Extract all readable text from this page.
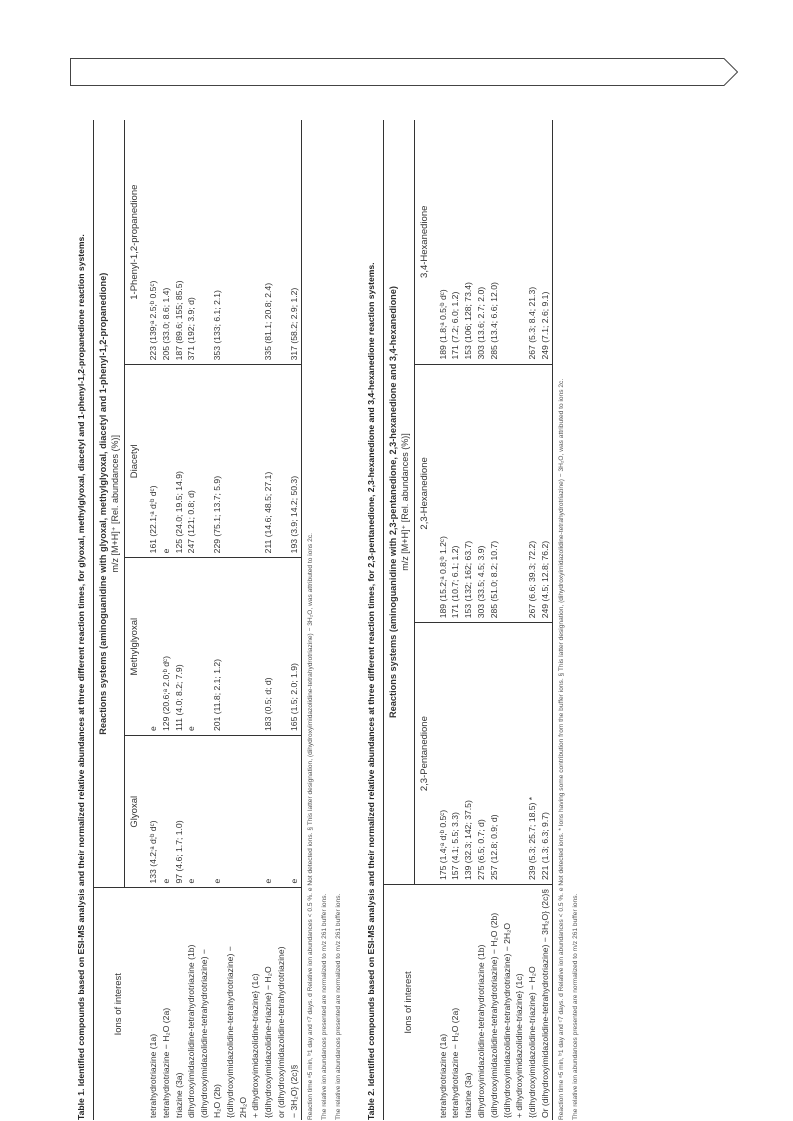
Table 1. Identified compounds based on ESI-MS analysis and their normalized relative abundances at three different reaction times, for glyoxal, methylglyoxal, diacetyl and 1-phenyl-1,2-propanedione reaction systems.	Ions of interest	Reactions systems (aminoguanidine with glyoxal, methylglyoxal, diacetyl and 1-phenyl-1,2-propanedione)			
	m/z [M+H]⁺ [Rel. abundances (%)]			
	Glyoxal	Methylglyoxal	Diacetyl	1-Phenyl-1,2-propanedione

tetrahydrotriazine (1a)	133 (4.2;ᵃ d;ᵇ dᶜ)	e	161 (22.1;ᵃ d;ᵇ dᶜ)	223 (139;ᵃ 2.5;ᵇ 0.5ᶜ)

tetrahydrotriazine − H₂O (2a)	e	129 (20.6;ᵃ 2.0;ᵇ dᶜ)	e	205 (33.0; 8.6; 1.4)

triazine (3a)	97 (4.6; 1.7; 1.0)	111 (4.0; 8.2; 7.9)	125 (24.0; 19.5; 14.9)	187 (89.6; 155; 85.5)

dihydroxyimidazolidine-tetrahydrotriazine (1b)	e	e	247 (121; 0.8; d)	371 (192; 3.9; d)

(dihydroxyimidazolidine-tetrahydrotriazine) − H₂O (2b)	e	201 (11.8; 2.1; 1.2)	229 (75.1; 13.7; 5.9)	353 (133; 6.1; 2.1)

{(dihydroxyimidazolidine-tetrahydrotriazine) − 2H₂O				

+ dihydroxyimidazolidine-triazine} (1c) {(dihydroxyimidazolidine-triazine) − H₂O	e	183 (0.5; d; d)	211 (14.6; 48.5; 27.1)	335 (81.1; 20.8; 2.4)

or (dihydroxyimidazolidine-tetrahydrotriazine) − 3H₂O} (2c)§	e	165 (1.5; 2.0; 1.9)	193 (3.9; 14.2; 50.3)	317 (58.2; 2.9; 1.2)

Reaction time ᵃ5 min, ᵇ1 day and ᶜ7 days. d Relative ion abundances < 0.5 %. e Not detected ions. § This latter designation, (dihydroxyimidazolidine-tetrahydrotriazine) − 3H₂O, was attributed to ions 2c.	The relative ion abundances presented are normalized to m/z 261 buffer ions.	The relative ion abundances presented are normalized to m/z 261 buffer ions.	Table 2. Identified compounds based on ESI-MS analysis and their normalized relative abundances at three different reaction times, for 2,3-pentanedione, 2,3-hexanedione and 3,4-hexanedione reaction systems.	Ions of interest	Reactions systems (aminoguanidine with 2,3-pentanedione, 2,3-hexanedione and 3,4-hexanedione)		
	m/z [M+H]⁺ [Rel. abundances (%)]		
	2,3-Pentanedione	2,3-Hexanedione	3,4-Hexanedione

tetrahydrotriazine (1a)	175 (1.4;ᵃ d;ᵇ 0.5ᶜ)	189 (15.2;ᵃ 0.8;ᵇ 1.2ᶜ)	189 (1.8;ᵃ 0.5;ᵇ dᶜ)

tetrahydrotriazine − H₂O (2a)	157 (4.1; 5.5; 3.3)	171 (10.7; 6.1; 1.2)	171 (7.2; 6.0; 1.2)

triazine (3a)	139 (32.3; 142; 37.5)	153 (132; 162; 63.7)	153 (106; 128; 73.4)

dihydroxyimidazolidine-tetrahydrotriazine (1b)	275 (6.5; 0.7; d)	303 (33.5; 4.5; 3.9)	303 (13.6; 2.7; 2.0)

(dihydroxyimidazolidine-tetrahydrotriazine) − H₂O (2b)	257 (12.8; 0.9; d)	285 (51.0; 8.2; 10.7)	285 (13.4; 6.6; 12.0)

{(dihydroxyimidazolidine-tetrahydrotriazine) − 2H₂O			

+ dihydroxyimidazolidine-triazine} (1c) {(dihydroxyimidazolidine-triazine) − H₂O	239 (5.3; 25.7; 18.5) *	267 (6.6; 39.3; 72.2)	267 (5.3; 8.4; 21.3)

Or (dihydroxyimidazolidine-tetrahydrotriazine) − 3H₂O} (2c)§	221 (1.3; 6.3; 9.7)	249 (4.5; 12.8; 76.2)	249 (7.1; 2.6; 9.1)

Reaction time ᵃ5 min, ᵇ1 day and ᶜ7 days. d Relative ion abundances < 0.5 %. e Not detected ions. * Ions having some contribution from the buffer ions. § This latter designation, (dihydroxyimidazolidine-tetrahydrotriazine) − 3H₂O, was attributed to ions 2c.	The relative ion abundances presented are normalized to m/z 261 buffer ions.
